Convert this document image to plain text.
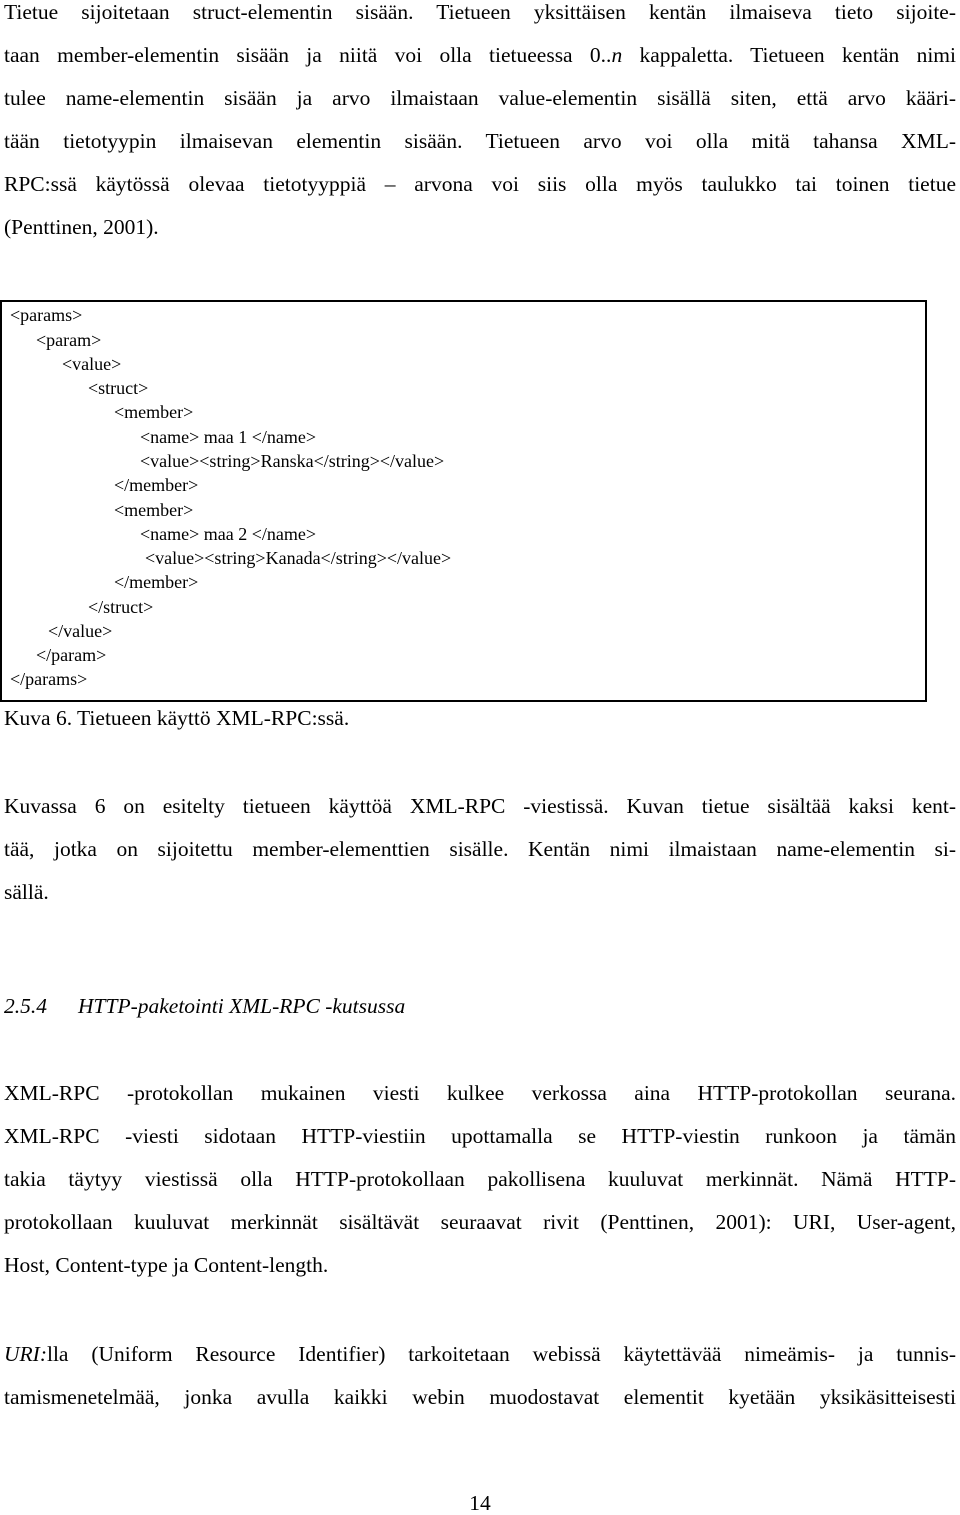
Tietue sijoitetaan struct-elementin sisään. Tietueen yksittäisen kentän ilmaiseva tieto sijoite-
taan member-elementin sisään ja niitä voi olla tietueessa 0..n kappaletta. Tietueen kentän nimi
tulee name-elementin sisään ja arvo ilmaistaan value-elementin sisällä siten, että arvo kääri-
tään tietotyypin ilmaisevan elementin sisään. Tietueen arvo voi olla mitä tahansa XML-
RPC:ssä käytössä olevaa tietotyyppiä – arvona voi siis olla myös taulukko tai toinen tietue
(Penttinen, 2001).
<params>
<param>
<value>
<struct>
<member>
<name> maa 1 </name>
<value><string>Ranska</string></value>
</member>
<member>
<name> maa 2 </name>
<value><string>Kanada</string></value>
</member>
</struct>
</value>
</param>
</params>
Kuva 6. Tietueen käyttö XML-RPC:ssä.
Kuvassa 6 on esitelty tietueen käyttöä XML-RPC -viestissä. Kuvan tietue sisältää kaksi kent-
tää, jotka on sijoitettu member-elementtien sisälle. Kentän nimi ilmaistaan name-elementin si-
sällä.
2.5.4 HTTP-paketointi XML-RPC -kutsussa
XML-RPC -protokollan mukainen viesti kulkee verkossa aina HTTP-protokollan seurana.
XML-RPC -viesti sidotaan HTTP-viestiin upottamalla se HTTP-viestin runkoon ja tämän
takia täytyy viestissä olla HTTP-protokollaan pakollisena kuuluvat merkinnät. Nämä HTTP-
protokollaan kuuluvat merkinnät sisältävät seuraavat rivit (Penttinen, 2001): URI, User-agent,
Host, Content-type ja Content-length.
URI:lla (Uniform Resource Identifier) tarkoitetaan webissä käytettävää nimeämis- ja tunnis-
tamismenetelmää, jonka avulla kaikki webin muodostavat elementit kyetään yksikäsitteisesti
14
